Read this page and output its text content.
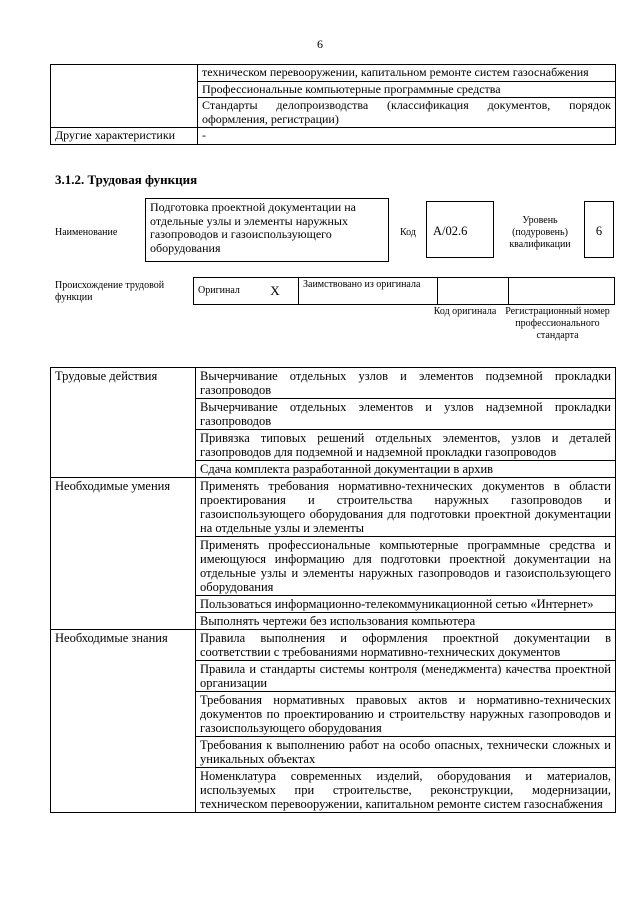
6
	техническом перевооружении, капитальном ремонте систем газоснабжения
	Профессиональные компьютерные программные средства
	Стандарты делопроизводства (классификация документов, порядок оформления, регистрации)
Другие характеристики	-
3.1.2. Трудовая функция
Наименование
Подготовка проектной документации на отдельные узлы и элементы наружных газопроводов и газоиспользующего оборудования
Код	A/02.6
Уровень (подуровень) квалификации
6
Происхождение трудовой функции
Оригинал	X	Заимствовано из оригинала		
Код оригинала Регистрационный номер профессионального стандарта
Трудовые действия	Вычерчивание отдельных узлов и элементов подземной прокладки газопроводов
	Вычерчивание отдельных элементов и узлов надземной прокладки газопроводов
	Привязка типовых решений отдельных элементов, узлов и деталей газопроводов для подземной и надземной прокладки газопроводов
	Сдача комплекта разработанной документации в архив
Необходимые умения	Применять требования нормативно-технических документов в области проектирования и строительства наружных газопроводов и газоиспользующего оборудования для подготовки проектной документации на отдельные узлы и элементы
	Применять профессиональные компьютерные программные средства и имеющуюся информацию для подготовки проектной документации на отдельные узлы и элементы наружных газопроводов и газоиспользующего оборудования
	Пользоваться информационно-телекоммуникационной сетью «Интернет»
	Выполнять чертежи без использования компьютера
Необходимые знания	Правила выполнения и оформления проектной документации в соответствии с требованиями нормативно-технических документов
	Правила и стандарты системы контроля (менеджмента) качества проектной организации
	Требования нормативных правовых актов и нормативно-технических документов по проектированию и строительству наружных газопроводов и газоиспользующего оборудования
	Требования к выполнению работ на особо опасных, технически сложных и уникальных объектах
	Номенклатура современных изделий, оборудования и материалов, используемых при строительстве, реконструкции, модернизации, техническом перевооружении, капитальном ремонте систем газоснабжения
